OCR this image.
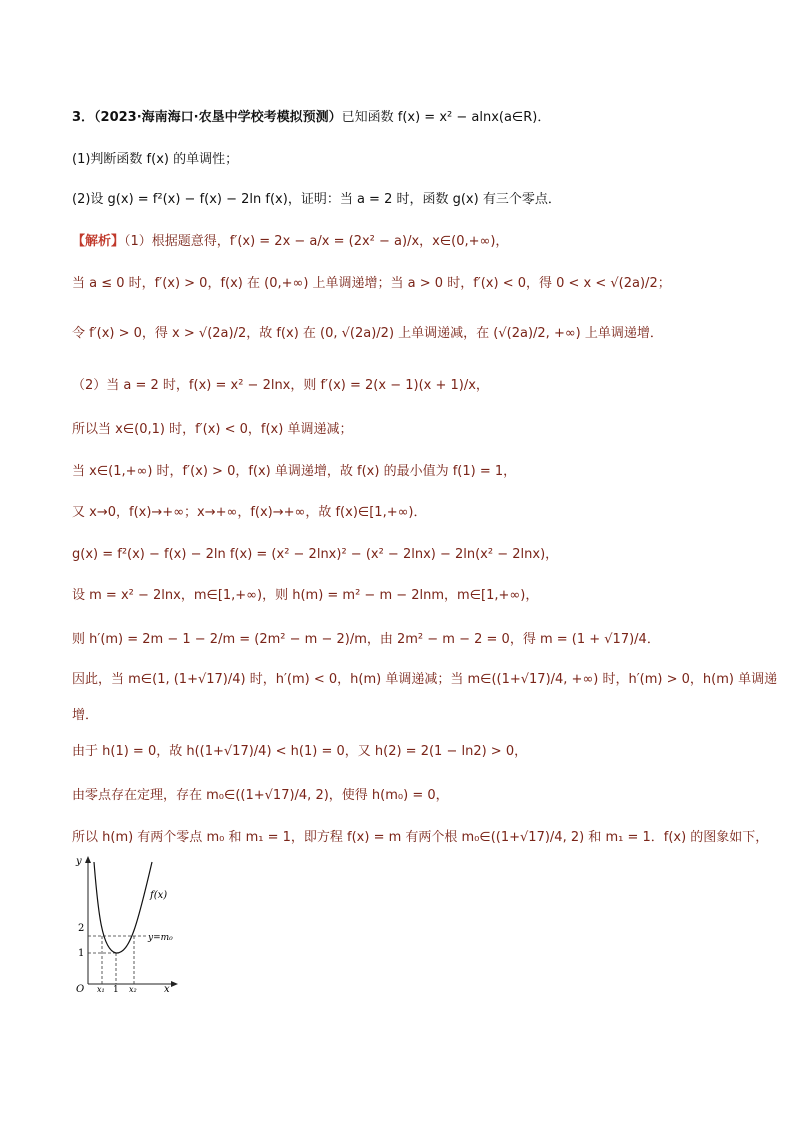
3．（2023·海南海口·农垦中学校考模拟预测）已知函数 f(x) = x² − alnx(a∈R)．
(1)判断函数 f(x) 的单调性；
(2)设 g(x) = f²(x) − f(x) − 2ln f(x)，证明：当 a = 2 时，函数 g(x) 有三个零点．
【解析】（1）根据题意得，f′(x) = 2x − a/x = (2x² − a)/x，x∈(0,+∞)，
当 a ≤ 0 时，f′(x) > 0，f(x) 在 (0,+∞) 上单调递增；当 a > 0 时，f′(x) < 0，得 0 < x < √(2a)/2；
令 f′(x) > 0，得 x > √(2a)/2，故 f(x) 在 (0, √(2a)/2) 上单调递减，在 (√(2a)/2, +∞) 上单调递增．
（2）当 a = 2 时，f(x) = x² − 2lnx，则 f′(x) = 2(x − 1)(x + 1)/x，
所以当 x∈(0,1) 时，f′(x) < 0，f(x) 单调递减；
当 x∈(1,+∞) 时，f′(x) > 0，f(x) 单调递增，故 f(x) 的最小值为 f(1) = 1，
又 x→0，f(x)→+∞；x→+∞，f(x)→+∞，故 f(x)∈[1,+∞)．
g(x) = f²(x) − f(x) − 2ln f(x) = (x² − 2lnx)² − (x² − 2lnx) − 2ln(x² − 2lnx)，
设 m = x² − 2lnx，m∈[1,+∞)，则 h(m) = m² − m − 2lnm，m∈[1,+∞)，
则 h′(m) = 2m − 1 − 2/m = (2m² − m − 2)/m，由 2m² − m − 2 = 0，得 m = (1 + √17)/4．
因此，当 m∈(1, (1+√17)/4) 时，h′(m) < 0，h(m) 单调递减；当 m∈((1+√17)/4, +∞) 时，h′(m) > 0，h(m) 单调递
增．
由于 h(1) = 0，故 h((1+√17)/4) < h(1) = 0，又 h(2) = 2(1 − ln2) > 0，
由零点存在定理，存在 m₀∈((1+√17)/4, 2)，使得 h(m₀) = 0，
所以 h(m) 有两个零点 m₀ 和 m₁ = 1，即方程 f(x) = m 有两个根 m₀∈((1+√17)/4, 2) 和 m₁ = 1．f(x) 的图象如下，
y
x
O
f(x)
y=m₀
2
1
x₁ 1 x₂
